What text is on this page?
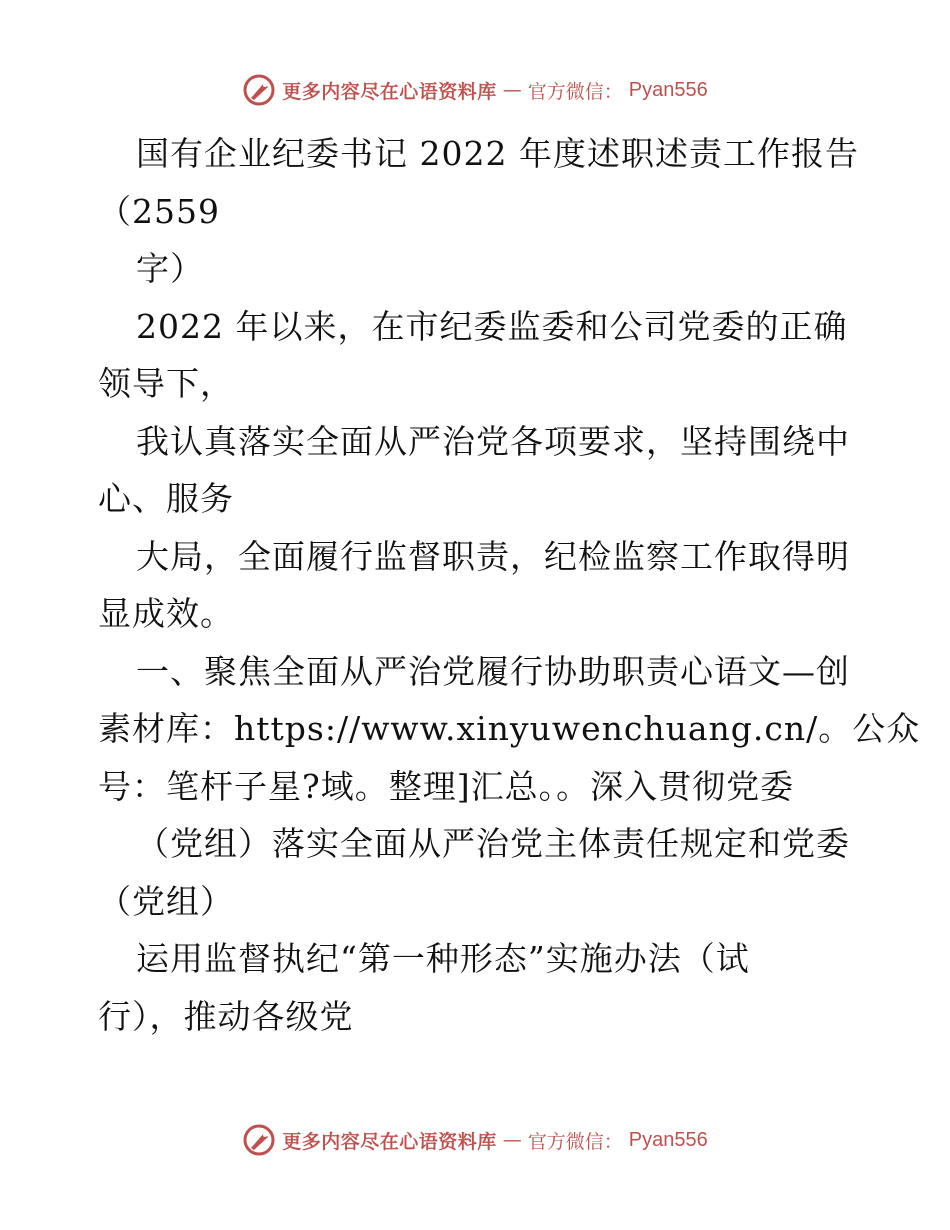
更多内容尽在心语资料库 — 官方微信： Pyan556
国有企业纪委书记 2022 年度述职述责工作报告
（2559
字）
2022 年以来，在市纪委监委和公司党委的正确
领导下，
我认真落实全面从严治党各项要求，坚持围绕中
心、服务
大局，全面履行监督职责，纪检监察工作取得明
显成效。
一、聚焦全面从严治党履行协助职责心语文—创
素材库：https://www.xinyuwenchuang.cn/。公众
号：笔杆子星?域。整理]汇总。。深入贯彻党委
（党组）落实全面从严治党主体责任规定和党委
（党组）
运用监督执纪“第一种形态”实施办法（试
行），推动各级党
更多内容尽在心语资料库 — 官方微信： Pyan556
